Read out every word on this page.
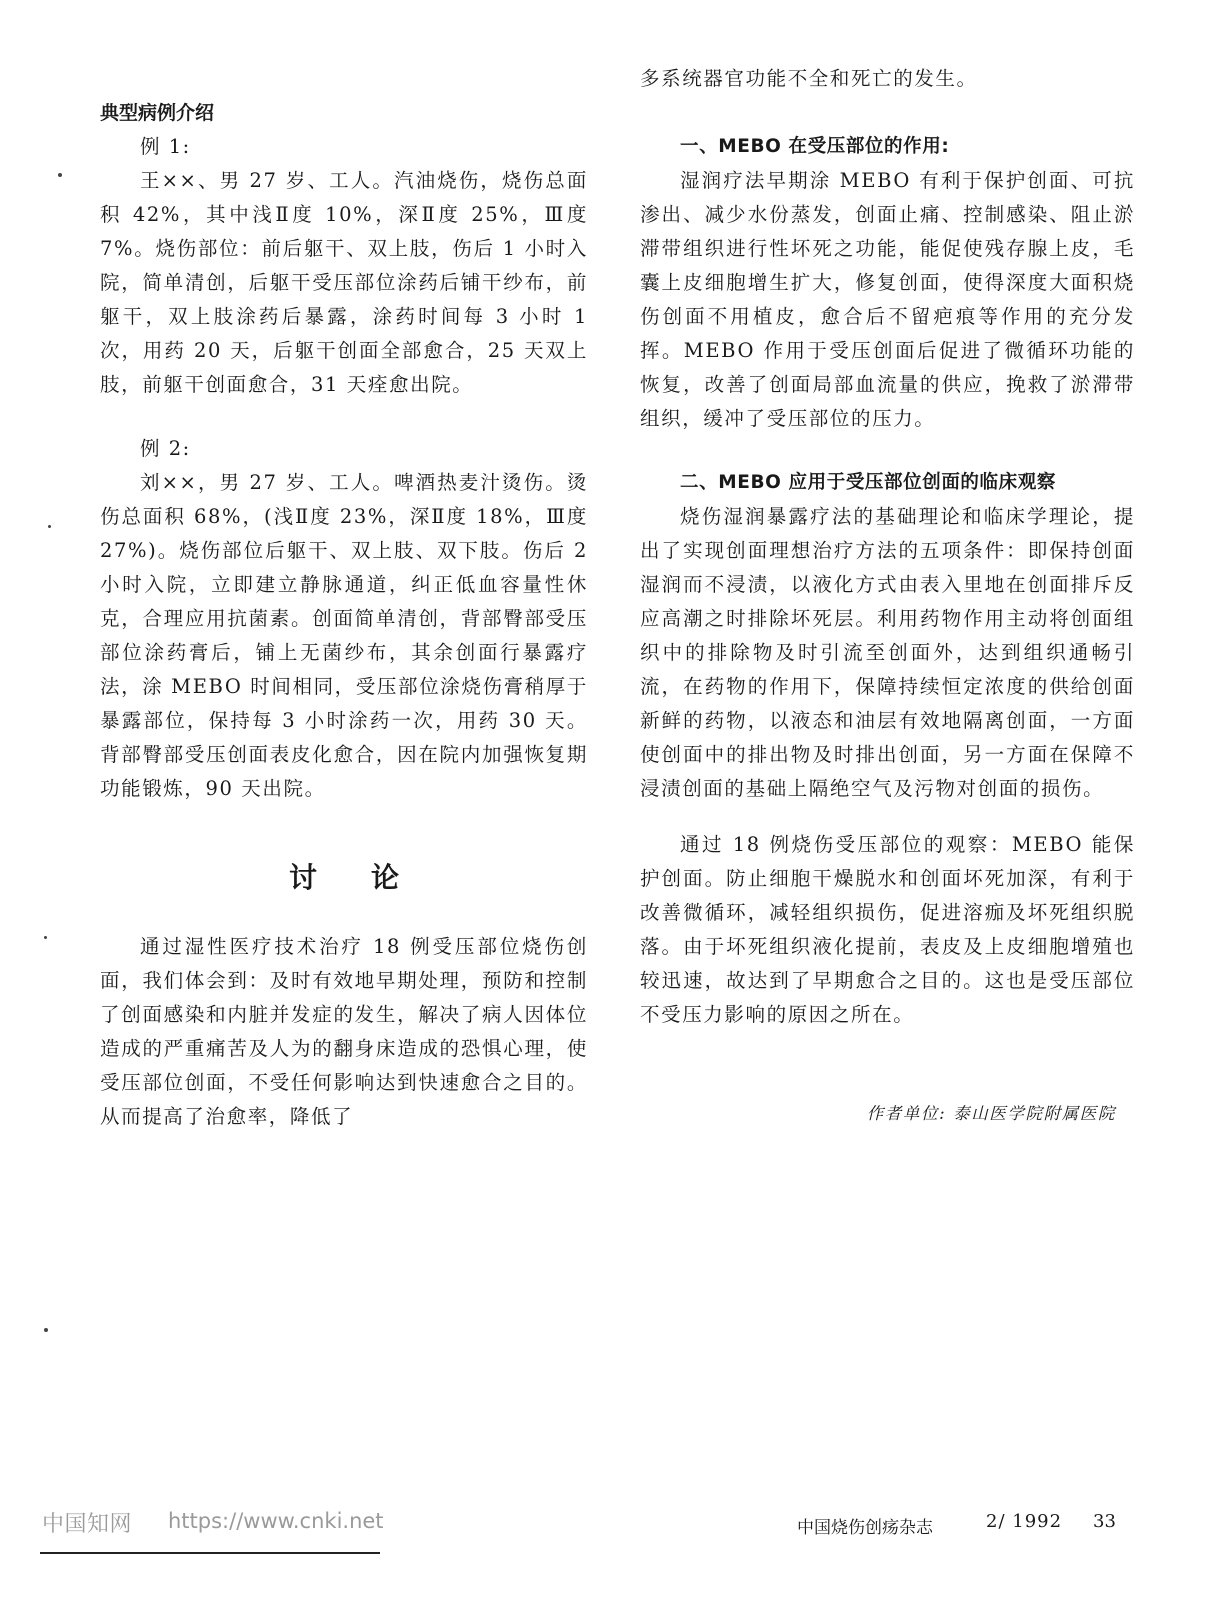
典型病例介绍
例 1:

王××、男 27 岁、工人。汽油烧伤，烧伤总面积 42%，其中浅Ⅱ度 10%，深Ⅱ度 25%，Ⅲ度 7%。烧伤部位：前后躯干、双上肢，伤后 1 小时入院，简单清创，后躯干受压部位涂药后铺干纱布，前躯干，双上肢涂药后暴露，涂药时间每 3 小时 1 次，用药 20 天，后躯干创面全部愈合，25 天双上肢，前躯干创面愈合，31 天痊愈出院。

例 2:

刘××，男 27 岁、工人。啤酒热麦汁烫伤。烫伤总面积 68%，(浅Ⅱ度 23%，深Ⅱ度 18%，Ⅲ度 27%)。烧伤部位后躯干、双上肢、双下肢。伤后 2 小时入院，立即建立静脉通道，纠正低血容量性休克，合理应用抗菌素。创面简单清创，背部臀部受压部位涂药膏后，铺上无菌纱布，其余创面行暴露疗法，涂 MEBO 时间相同，受压部位涂烧伤膏稍厚于暴露部位，保持每 3 小时涂药一次，用药 30 天。背部臀部受压创面表皮化愈合，因在院内加强恢复期功能锻炼，90 天出院。

讨论

通过湿性医疗技术治疗 18 例受压部位烧伤创面，我们体会到：及时有效地早期处理，预防和控制了创面感染和内脏并发症的发生，解决了病人因体位造成的严重痛苦及人为的翻身床造成的恐惧心理，使受压部位创面，不受任何影响达到快速愈合之目的。从而提高了治愈率，降低了

多系统器官功能不全和死亡的发生。

一、MEBO 在受压部位的作用:

湿润疗法早期涂 MEBO 有利于保护创面、可抗渗出、减少水份蒸发，创面止痛、控制感染、阻止淤滞带组织进行性坏死之功能，能促使残存腺上皮，毛囊上皮细胞增生扩大，修复创面，使得深度大面积烧伤创面不用植皮，愈合后不留疤痕等作用的充分发挥。MEBO 作用于受压创面后促进了微循环功能的恢复，改善了创面局部血流量的供应，挽救了淤滞带组织，缓冲了受压部位的压力。

二、MEBO 应用于受压部位创面的临床观察

烧伤湿润暴露疗法的基础理论和临床学理论，提出了实现创面理想治疗方法的五项条件：即保持创面湿润而不浸渍，以液化方式由表入里地在创面排斥反应高潮之时排除坏死层。利用药物作用主动将创面组织中的排除物及时引流至创面外，达到组织通畅引流，在药物的作用下，保障持续恒定浓度的供给创面新鲜的药物，以液态和油层有效地隔离创面，一方面使创面中的排出物及时排出创面，另一方面在保障不浸渍创面的基础上隔绝空气及污物对创面的损伤。

通过 18 例烧伤受压部位的观察：MEBO 能保护创面。防止细胞干燥脱水和创面坏死加深，有利于改善微循环，减轻组织损伤，促进溶痂及坏死组织脱落。由于坏死组织液化提前，表皮及上皮细胞增殖也较迅速，故达到了早期愈合之目的。这也是受压部位不受压力影响的原因之所在。

作者单位: 泰山医学院附属医院
中国知网 https://www.cnki.net	中国烧伤创疡杂志	2/ 1992 33
